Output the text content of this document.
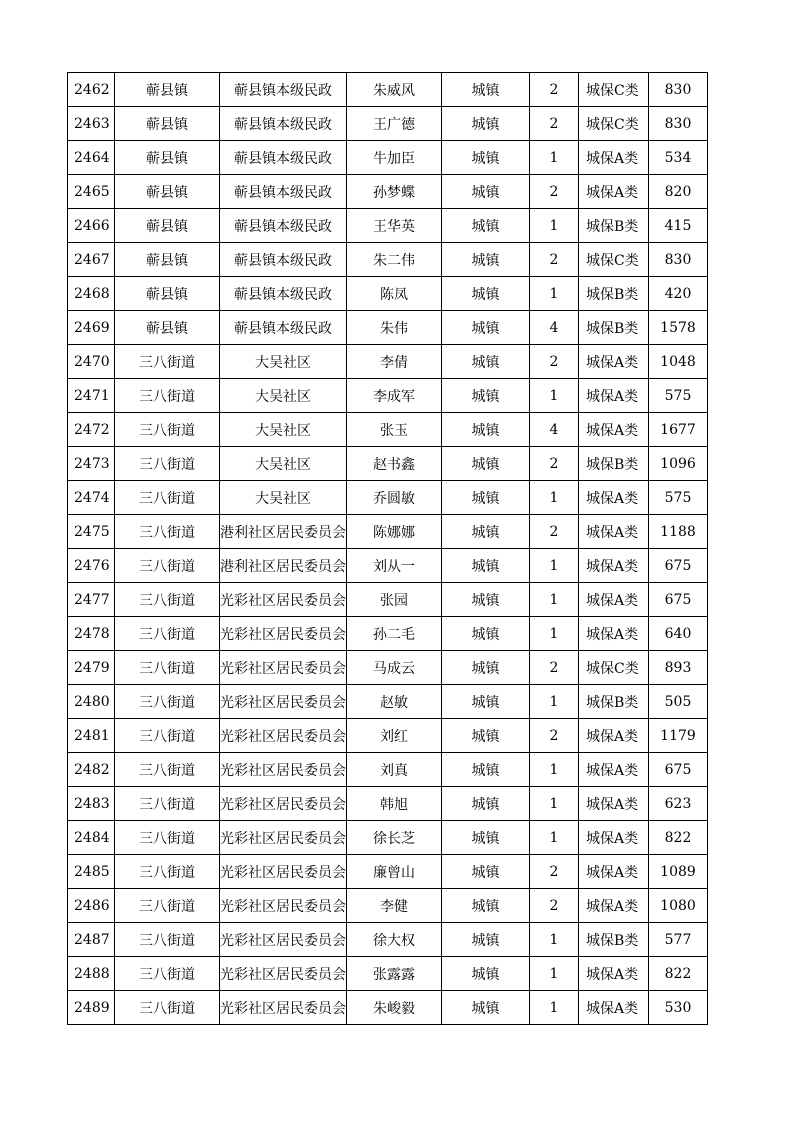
2462	蕲县镇	蕲县镇本级民政	朱威风	城镇	2	城保C类	830
2463	蕲县镇	蕲县镇本级民政	王广德	城镇	2	城保C类	830
2464	蕲县镇	蕲县镇本级民政	牛加臣	城镇	1	城保A类	534
2465	蕲县镇	蕲县镇本级民政	孙梦蝶	城镇	2	城保A类	820
2466	蕲县镇	蕲县镇本级民政	王华英	城镇	1	城保B类	415
2467	蕲县镇	蕲县镇本级民政	朱二伟	城镇	2	城保C类	830
2468	蕲县镇	蕲县镇本级民政	陈凤	城镇	1	城保B类	420
2469	蕲县镇	蕲县镇本级民政	朱伟	城镇	4	城保B类	1578
2470	三八街道	大吴社区	李倩	城镇	2	城保A类	1048
2471	三八街道	大吴社区	李成军	城镇	1	城保A类	575
2472	三八街道	大吴社区	张玉	城镇	4	城保A类	1677
2473	三八街道	大吴社区	赵书鑫	城镇	2	城保B类	1096
2474	三八街道	大吴社区	乔圆敏	城镇	1	城保A类	575
2475	三八街道	港利社区居民委员会	陈娜娜	城镇	2	城保A类	1188
2476	三八街道	港利社区居民委员会	刘从一	城镇	1	城保A类	675
2477	三八街道	光彩社区居民委员会	张园	城镇	1	城保A类	675
2478	三八街道	光彩社区居民委员会	孙二毛	城镇	1	城保A类	640
2479	三八街道	光彩社区居民委员会	马成云	城镇	2	城保C类	893
2480	三八街道	光彩社区居民委员会	赵敏	城镇	1	城保B类	505
2481	三八街道	光彩社区居民委员会	刘红	城镇	2	城保A类	1179
2482	三八街道	光彩社区居民委员会	刘真	城镇	1	城保A类	675
2483	三八街道	光彩社区居民委员会	韩旭	城镇	1	城保A类	623
2484	三八街道	光彩社区居民委员会	徐长芝	城镇	1	城保A类	822
2485	三八街道	光彩社区居民委员会	廉曾山	城镇	2	城保A类	1089
2486	三八街道	光彩社区居民委员会	李健	城镇	2	城保A类	1080
2487	三八街道	光彩社区居民委员会	徐大权	城镇	1	城保B类	577
2488	三八街道	光彩社区居民委员会	张露露	城镇	1	城保A类	822
2489	三八街道	光彩社区居民委员会	朱峻毅	城镇	1	城保A类	530
